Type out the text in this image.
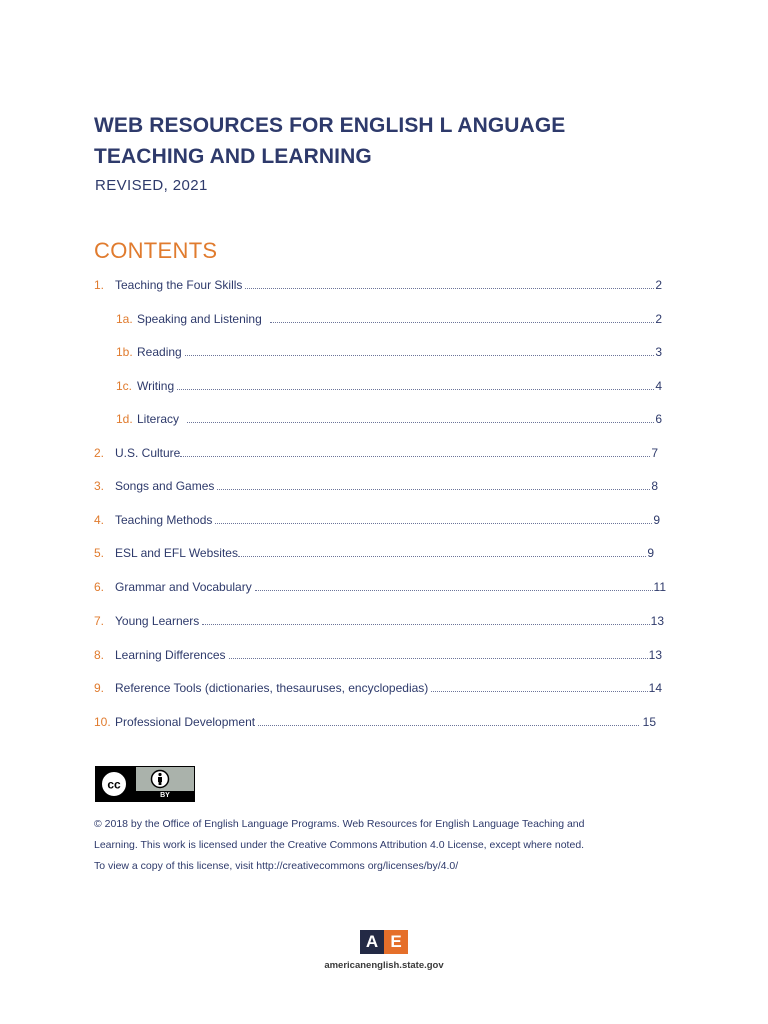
WEB RESOURCES FOR ENGLISH L ANGUAGE
TEACHING AND LEARNING
REVISED, 2021
CONTENTS
1. Teaching the Four Skills	2
1a. Speaking and Listening	2
1b. Reading	3
1c. Writing	4
1d. Literacy	6
2. U.S. Culture	7
3. Songs and Games	8
4. Teaching Methods	9
5. ESL and EFL Websites	9
6. Grammar and Vocabulary	11
7. Young Learners	13
8. Learning Differences	13
9. Reference Tools (dictionaries, thesauruses, encyclopedias)	14
10. Professional Development	15
cc
BY

© 2018 by the Office of English Language Programs. Web Resources for English Language Teaching and

Learning. This work is licensed under the Creative Commons Attribution 4.0 License, except where noted.

To view a copy of this license, visit http://creativecommons org/licenses/by/4.0/

A E
americanenglish.state.gov
